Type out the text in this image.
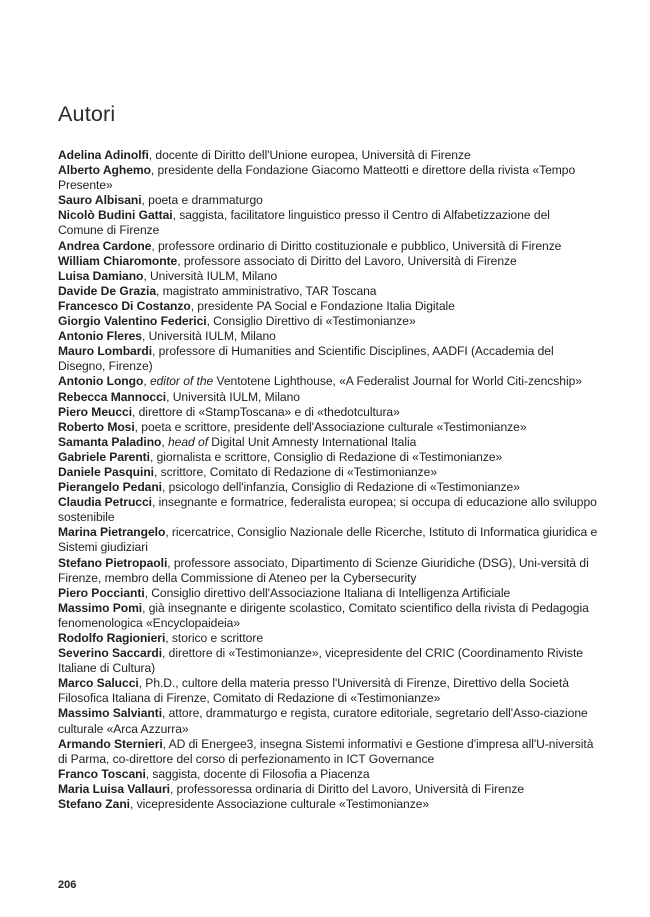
Autori

Adelina Adinolfi, docente di Diritto dell'Unione europea, Università di Firenze

Alberto Aghemo, presidente della Fondazione Giacomo Matteotti e direttore della rivista «Tempo Presente»

Sauro Albisani, poeta e drammaturgo

Nicolò Budini Gattai, saggista, facilitatore linguistico presso il Centro di Alfabetizzazione del Comune di Firenze

Andrea Cardone, professore ordinario di Diritto costituzionale e pubblico, Università di Firenze

William Chiaromonte, professore associato di Diritto del Lavoro, Università di Firenze

Luisa Damiano, Università IULM, Milano

Davide De Grazia, magistrato amministrativo, TAR Toscana

Francesco Di Costanzo, presidente PA Social e Fondazione Italia Digitale

Giorgio Valentino Federici, Consiglio Direttivo di «Testimonianze»

Antonio Fleres, Università IULM, Milano

Mauro Lombardi, professore di Humanities and Scientific Disciplines, AADFI (Accademia del Disegno, Firenze)

Antonio Longo, editor of the Ventotene Lighthouse, «A Federalist Journal for World Citi-zencship»

Rebecca Mannocci, Università IULM, Milano

Piero Meucci, direttore di «StampToscana» e di «thedotcultura»

Roberto Mosi, poeta e scrittore, presidente dell'Associazione culturale «Testimonianze»

Samanta Paladino, head of Digital Unit Amnesty International Italia

Gabriele Parenti, giornalista e scrittore, Consiglio di Redazione di «Testimonianze»

Daniele Pasquini, scrittore, Comitato di Redazione di «Testimonianze»

Pierangelo Pedani, psicologo dell'infanzia, Consiglio di Redazione di «Testimonianze»

Claudia Petrucci, insegnante e formatrice, federalista europea; si occupa di educazione allo sviluppo sostenibile

Marina Pietrangelo, ricercatrice, Consiglio Nazionale delle Ricerche, Istituto di Informatica giuridica e Sistemi giudiziari

Stefano Pietropaoli, professore associato, Dipartimento di Scienze Giuridiche (DSG), Uni-versità di Firenze, membro della Commissione di Ateneo per la Cybersecurity

Piero Poccianti, Consiglio direttivo dell'Associazione Italiana di Intelligenza Artificiale

Massimo Pomi, già insegnante e dirigente scolastico, Comitato scientifico della rivista di Pedagogia fenomenologica «Encyclopaideia»

Rodolfo Ragionieri, storico e scrittore

Severino Saccardi, direttore di «Testimonianze», vicepresidente del CRIC (Coordinamento Riviste Italiane di Cultura)

Marco Salucci, Ph.D., cultore della materia presso l'Università di Firenze, Direttivo della Società Filosofica Italiana di Firenze, Comitato di Redazione di «Testimonianze»

Massimo Salvianti, attore, drammaturgo e regista, curatore editoriale, segretario dell'Asso-ciazione culturale «Arca Azzurra»

Armando Sternieri, AD di Energee3, insegna Sistemi informativi e Gestione d'impresa all'U-niversità di Parma, co-direttore del corso di perfezionamento in ICT Governance

Franco Toscani, saggista, docente di Filosofia a Piacenza

Maria Luisa Vallauri, professoressa ordinaria di Diritto del Lavoro, Università di Firenze

Stefano Zani, vicepresidente Associazione culturale «Testimonianze»

206
